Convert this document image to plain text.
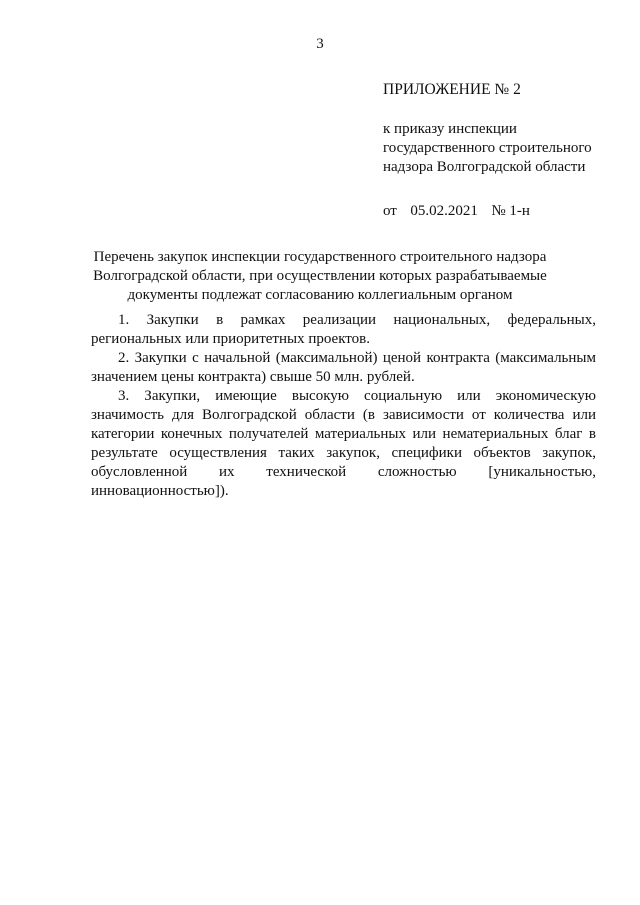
3

ПРИЛОЖЕНИЕ № 2

к приказу инспекции
государственного строительного
надзора Волгоградской области

от 05.02.2021 № 1-н

Перечень закупок инспекции государственного строительного надзора
Волгоградской области, при осуществлении которых разрабатываемые
документы подлежат согласованию коллегиальным органом

1. Закупки в рамках реализации национальных, федеральных, региональных или приоритетных проектов.

2. Закупки с начальной (максимальной) ценой контракта (максимальным значением цены контракта) свыше 50 млн. рублей.

3. Закупки, имеющие высокую социальную или экономическую значимость для Волгоградской области (в зависимости от количества или категории конечных получателей материальных или нематериальных благ в результате осуществления таких закупок, специфики объектов закупок, обусловленной их технической сложностью [уникальностью, инновационностью]).
